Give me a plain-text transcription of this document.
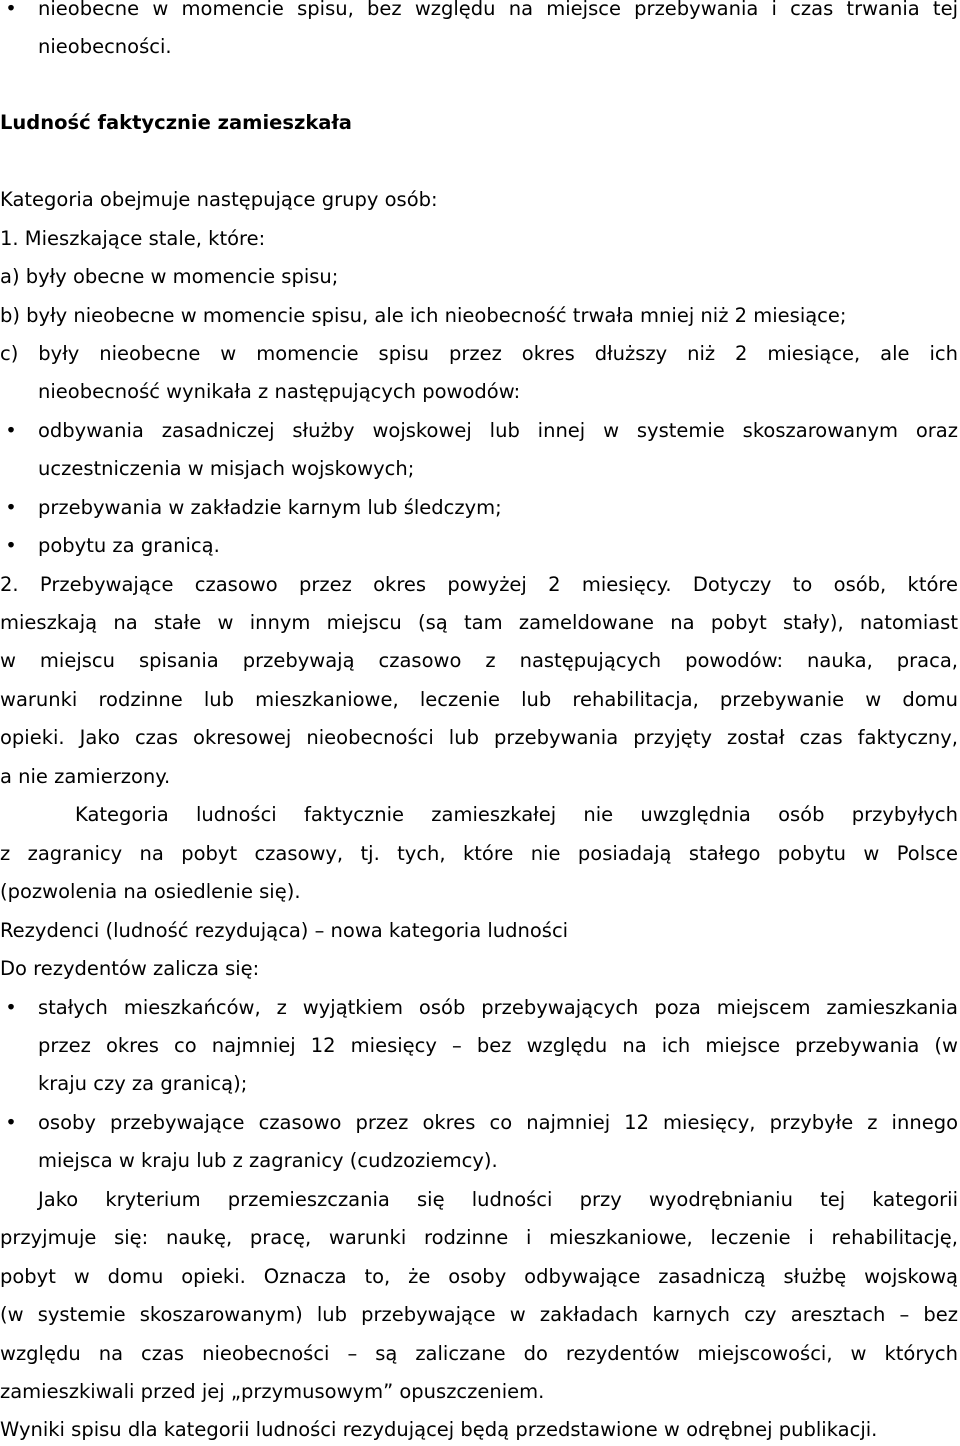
• nieobecne w momencie spisu, bez względu na miejsce przebywania i czas trwania tej
nieobecności.
Ludność faktycznie zamieszkała
Kategoria obejmuje następujące grupy osób:
1. Mieszkające stale, które:
a) były obecne w momencie spisu;
b) były nieobecne w momencie spisu, ale ich nieobecność trwała mniej niż 2 miesiące;
c) były nieobecne w momencie spisu przez okres dłuższy niż 2 miesiące, ale ich
nieobecność wynikała z następujących powodów:
• odbywania zasadniczej służby wojskowej lub innej w systemie skoszarowanym oraz
uczestniczenia w misjach wojskowych;
• przebywania w zakładzie karnym lub śledczym;
• pobytu za granicą.
2. Przebywające czasowo przez okres powyżej 2 miesięcy. Dotyczy to osób, które
mieszkają na stałe w innym miejscu (są tam zameldowane na pobyt stały), natomiast
w miejscu spisania przebywają czasowo z następujących powodów: nauka, praca,
warunki rodzinne lub mieszkaniowe, leczenie lub rehabilitacja, przebywanie w domu
opieki. Jako czas okresowej nieobecności lub przebywania przyjęty został czas faktyczny,
a nie zamierzony.
Kategoria ludności faktycznie zamieszkałej nie uwzględnia osób przybyłych
z zagranicy na pobyt czasowy, tj. tych, które nie posiadają stałego pobytu w Polsce
(pozwolenia na osiedlenie się).
Rezydenci (ludność rezydująca) – nowa kategoria ludności
Do rezydentów zalicza się:
• stałych mieszkańców, z wyjątkiem osób przebywających poza miejscem zamieszkania
przez okres co najmniej 12 miesięcy – bez względu na ich miejsce przebywania (w
kraju czy za granicą);
• osoby przebywające czasowo przez okres co najmniej 12 miesięcy, przybyłe z innego
miejsca w kraju lub z zagranicy (cudzoziemcy).
Jako kryterium przemieszczania się ludności przy wyodrębnianiu tej kategorii
przyjmuje się: naukę, pracę, warunki rodzinne i mieszkaniowe, leczenie i rehabilitację,
pobyt w domu opieki. Oznacza to, że osoby odbywające zasadniczą służbę wojskową
(w systemie skoszarowanym) lub przebywające w zakładach karnych czy aresztach – bez
względu na czas nieobecności – są zaliczane do rezydentów miejscowości, w których
zamieszkiwali przed jej „przymusowym” opuszczeniem.
Wyniki spisu dla kategorii ludności rezydującej będą przedstawione w odrębnej publikacji.
